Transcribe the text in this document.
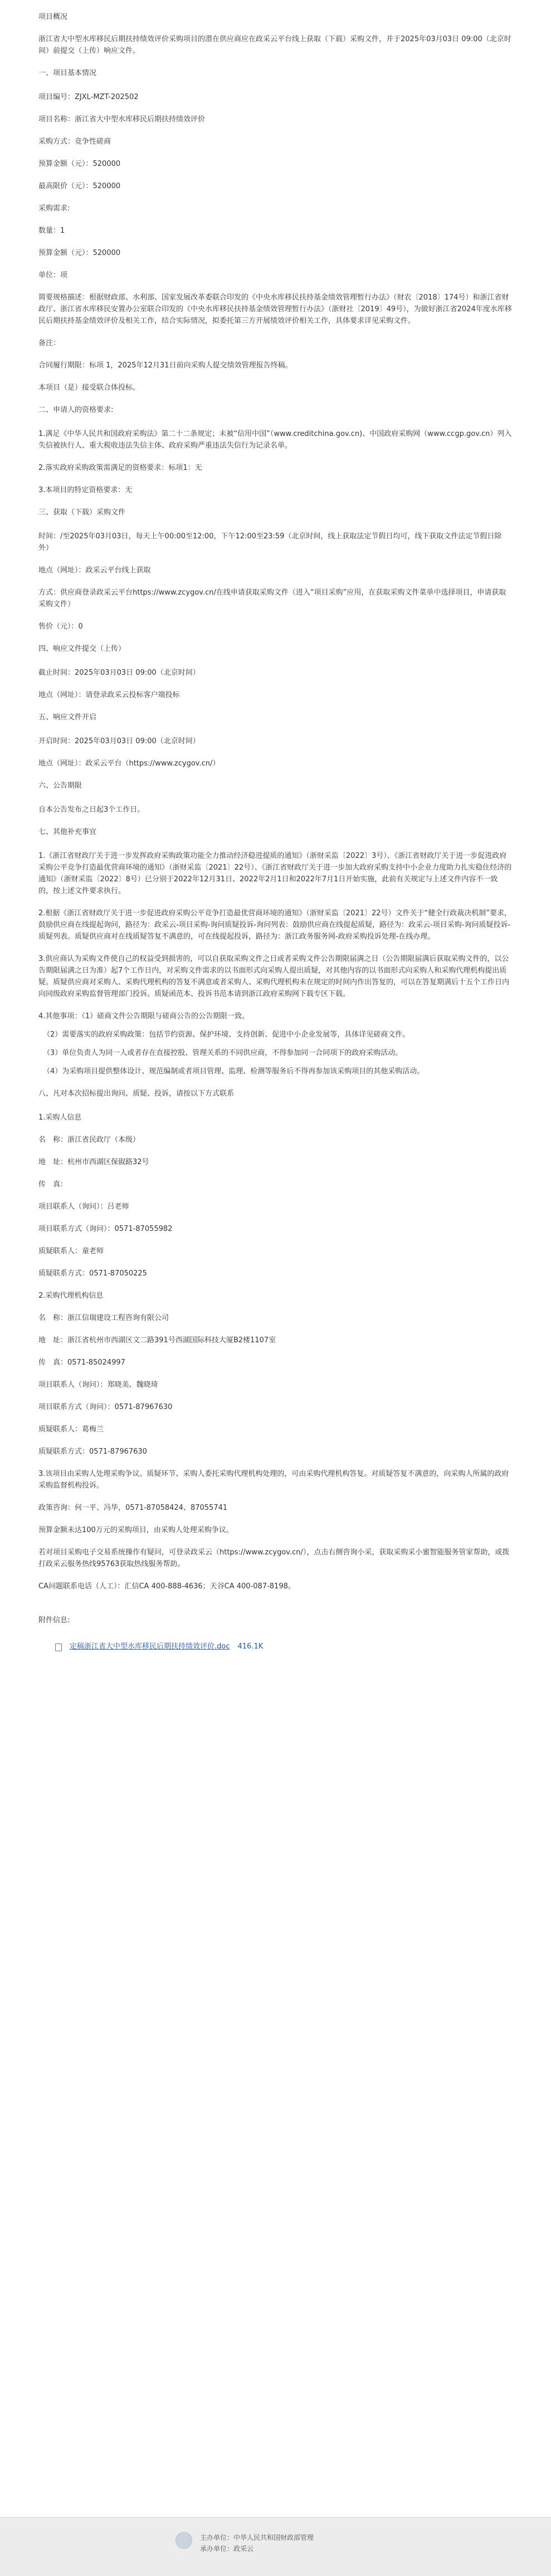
项目概况

浙江省大中型水库移民后期扶持绩效评价采购项目的潜在供应商应在政采云平台线上获取（下载）采购文件，并于2025年03月03日 09:00（北京时间）前提交（上传）响应文件。

一、项目基本情况

项目编号：ZJXL-MZT-202502

项目名称：浙江省大中型水库移民后期扶持绩效评价

采购方式：竞争性磋商

预算金额（元）：520000

最高限价（元）：520000

采购需求:

数量：1

预算金额（元）：520000

单位：项

简要规格描述：根据财政部、水利部、国家发展改革委联合印发的《中央水库移民扶持基金绩效管理暂行办法》（财农〔2018〕174号）和浙江省财政厅、浙江省水库移民安置办公室联合印发的《中央水库移民扶持基金绩效管理暂行办法》（浙财社〔2019〕49号），为做好浙江省2024年度水库移民后期扶持基金绩效评价及相关工作，结合实际情况，拟委托第三方开展绩效评价相关工作，具体要求详见采购文件。

备注：

合同履行期限：标项 1，2025年12月31日前向采购人提交绩效管理报告终稿。

本项目（是）接受联合体投标。

二、申请人的资格要求:

1.满足《中华人民共和国政府采购法》第二十二条规定；未被“信用中国”（www.creditchina.gov.cn)、中国政府采购网（www.ccgp.gov.cn）列入失信被执行人、重大税收违法失信主体、政府采购严重违法失信行为记录名单。

2.落实政府采购政策需满足的资格要求：标项1：无

3.本项目的特定资格要求：无

三、获取（下载）采购文件

时间：/至2025年03月03日，每天上午00:00至12:00，下午12:00至23:59（北京时间，线上获取法定节假日均可，线下获取文件法定节假日除外）

地点（网址）：政采云平台线上获取

方式：供应商登录政采云平台https://www.zcygov.cn/在线申请获取采购文件（进入“项目采购”应用，在获取采购文件菜单中选择项目，申请获取采购文件）

售价（元）：0

四、响应文件提交（上传）

截止时间：2025年03月03日 09:00（北京时间）

地点（网址）：请登录政采云投标客户端投标

五、响应文件开启

开启时间：2025年03月03日 09:00（北京时间）

地点（网址）：政采云平台（https://www.zcygov.cn/）

六、公告期限

自本公告发布之日起3个工作日。

七、其他补充事宜

1.《浙江省财政厅关于进一步发挥政府采购政策功能全力推动经济稳进提质的通知》（浙财采监〔2022〕3号）、《浙江省财政厅关于进一步促进政府采购公平竞争打造最优营商环境的通知》（浙财采监〔2021〕22号）、《浙江省财政厅关于进一步加大政府采购支持中小企业力度助力扎实稳住经济的通知》（浙财采监〔2022〕8号）已分别于2022年12月31日、2022年2月1日和2022年7月1日开始实施，此前有关规定与上述文件内容不一致的，按上述文件要求执行。

2.根据《浙江省财政厅关于进一步促进政府采购公平竞争打造最优营商环境的通知》（浙财采监〔2021〕22号）文件关于“健全行政裁决机制”要求，鼓励供应商在线提起询问，路径为：政采云-项目采购-询问质疑投诉-询问列表：鼓励供应商在线提起质疑，路径为：政采云-项目采购-询问质疑投诉-质疑列表。质疑供应商对在线质疑答复不满意的，可在线提起投诉，路径为：浙江政务服务网-政府采购投诉处理-在线办理。

3.供应商认为采购文件使自己的权益受到损害的，可以自获取采购文件之日或者采购文件公告期限届满之日（公告期限届满后获取采购文件的，以公告期限届满之日为准）起7个工作日内，对采购文件需求的以书面形式向采购人提出质疑，对其他内容的以书面形式向采购人和采购代理机构提出质疑。质疑供应商对采购人、采购代理机构的答复不满意或者采购人、采购代理机构未在规定的时间内作出答复的，可以在答复期满后十五个工作日内向同级政府采购监督管理部门投诉。质疑函范本、投诉书范本请到浙江政府采购网下载专区下载。

4.其他事项：（1）磋商文件公告期限与磋商公告的公告期限一致。

（2）需要落实的政府采购政策：包括节约资源、保护环境、支持创新、促进中小企业发展等，具体详见磋商文件。

（3）单位负责人为同一人或者存在直接控股、管理关系的不同供应商，不得参加同一合同项下的政府采购活动。

（4）为采购项目提供整体设计、规范编制或者项目管理、监理、检测等服务后不得再参加该采购项目的其他采购活动。

八、凡对本次招标提出询问、质疑、投诉，请按以下方式联系

1.采购人信息

名　称：浙江省民政厅（本级）

地　址：杭州市西湖区保俶路32号

传　真：

项目联系人（询问）：吕老师

项目联系方式（询问）：0571-87055982

质疑联系人：童老师

质疑联系方式：0571-87050225

2.采购代理机构信息

名　称：浙江信瑞建设工程咨询有限公司

地　址：浙江省杭州市西湖区文二路391号西湖国际科技大厦B2楼1107室

传　真：0571-85024997

项目联系人（询问）：郑晓美、魏晓琦

项目联系方式（询问）：0571-87967630

质疑联系人：葛梅兰

质疑联系方式：0571-87967630

3.该项目由采购人处理采购争议。质疑环节、采购人委托采购代理机构处理的，可由采购代理机构答复。对质疑答复不满意的，向采购人所属的政府采购监督机构投诉。

政策咨询：何一平、冯华，0571-87058424、87055741

预算金额未达100万元的采购项目，由采购人处理采购争议。

若对项目采购电子交易系统操作有疑问，可登录政采云（https://www.zcygov.cn/），点击右侧咨询小采，获取采购采小蜜智能服务管家帮助，或拨打政采云服务热线95763获取热线服务帮助。

CA问题联系电话（人工）：汇信CA 400-888-4636；天谷CA 400-087-8198。

附件信息:

定稿浙江省大中型水库移民后期扶持绩效评价.doc 416.1K
主办单位：中华人民共和国财政部管理
承办单位：政采云
